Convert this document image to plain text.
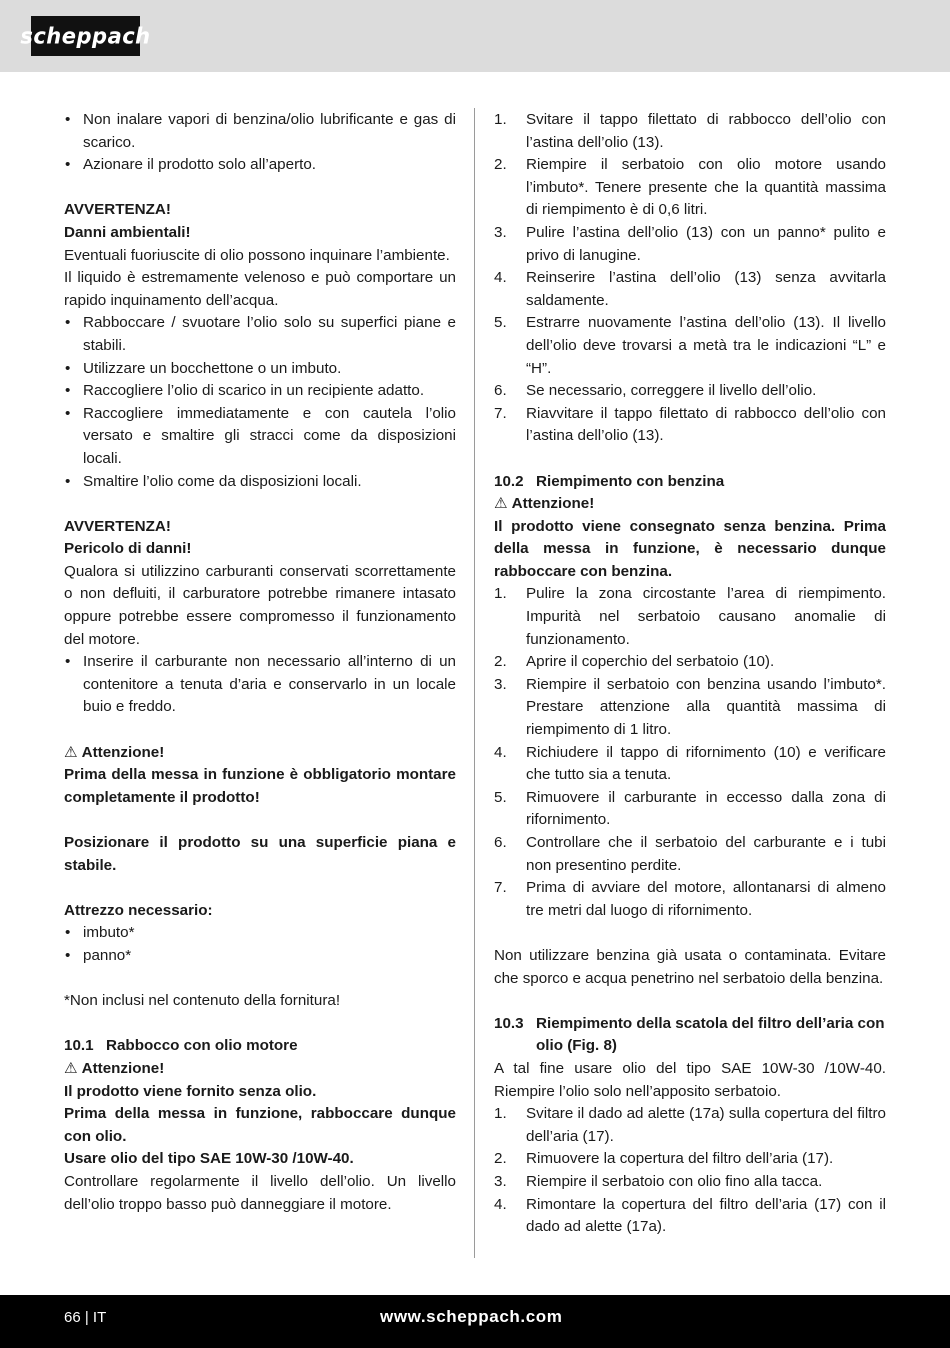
scheppach
• Non inalare vapori di benzina/olio lubrificante e gas di scarico.
• Azionare il prodotto solo all’aperto.
AVVERTENZA!
Danni ambientali!
Eventuali fuoriuscite di olio possono inquinare l’ambiente.
Il liquido è estremamente velenoso e può comportare un rapido inquinamento dell’acqua.
• Rabboccare / svuotare l’olio solo su superfici piane e stabili.
• Utilizzare un bocchettone o un imbuto.
• Raccogliere l’olio di scarico in un recipiente adatto.
• Raccogliere immediatamente e con cautela l’olio versato e smaltire gli stracci come da disposizioni locali.
• Smaltire l’olio come da disposizioni locali.
AVVERTENZA!
Pericolo di danni!
Qualora si utilizzino carburanti conservati scorrettamente o non defluiti, il carburatore potrebbe rimanere intasato oppure potrebbe essere compromesso il funzionamento del motore.
• Inserire il carburante non necessario all’interno di un contenitore a tenuta d’aria e conservarlo in un locale buio e freddo.
⚠ Attenzione!
Prima della messa in funzione è obbligatorio montare completamente il prodotto!
Posizionare il prodotto su una superficie piana e stabile.
Attrezzo necessario:
• imbuto*
• panno*
*Non inclusi nel contenuto della fornitura!
10.1 Rabbocco con olio motore
⚠ Attenzione!
Il prodotto viene fornito senza olio.
Prima della messa in funzione, rabboccare dunque con olio.
Usare olio del tipo SAE 10W-30 /10W-40.
Controllare regolarmente il livello dell’olio. Un livello dell’olio troppo basso può danneggiare il motore.
1. Svitare il tappo filettato di rabbocco dell’olio con l’astina dell’olio (13).
2. Riempire il serbatoio con olio motore usando l’imbuto*. Tenere presente che la quantità massima di riempimento è di 0,6 litri.
3. Pulire l’astina dell’olio (13) con un panno* pulito e privo di lanugine.
4. Reinserire l’astina dell’olio (13) senza avvitarla saldamente.
5. Estrarre nuovamente l’astina dell’olio (13). Il livello dell’olio deve trovarsi a metà tra le indicazioni “L” e “H”.
6. Se necessario, correggere il livello dell’olio.
7. Riavvitare il tappo filettato di rabbocco dell’olio con l’astina dell’olio (13).
10.2 Riempimento con benzina
⚠ Attenzione!
Il prodotto viene consegnato senza benzina. Prima della messa in funzione, è necessario dunque rabboccare con benzina.
1. Pulire la zona circostante l’area di riempimento. Impurità nel serbatoio causano anomalie di funzionamento.
2. Aprire il coperchio del serbatoio (10).
3. Riempire il serbatoio con benzina usando l’imbuto*. Prestare attenzione alla quantità massima di riempimento di 1 litro.
4. Richiudere il tappo di rifornimento (10) e verificare che tutto sia a tenuta.
5. Rimuovere il carburante in eccesso dalla zona di rifornimento.
6. Controllare che il serbatoio del carburante e i tubi non presentino perdite.
7. Prima di avviare del motore, allontanarsi di almeno tre metri dal luogo di rifornimento.
Non utilizzare benzina già usata o contaminata. Evitare che sporco e acqua penetrino nel serbatoio della benzina.
10.3 Riempimento della scatola del filtro dell’aria con olio (Fig. 8)
A tal fine usare olio del tipo SAE 10W-30 /10W-40. Riempire l’olio solo nell’apposito serbatoio.
1. Svitare il dado ad alette (17a) sulla copertura del filtro dell’aria (17).
2. Rimuovere la copertura del filtro dell’aria (17).
3. Riempire il serbatoio con olio fino alla tacca.
4. Rimontare la copertura del filtro dell’aria (17) con il dado ad alette (17a).
66 | IT	www.scheppach.com
